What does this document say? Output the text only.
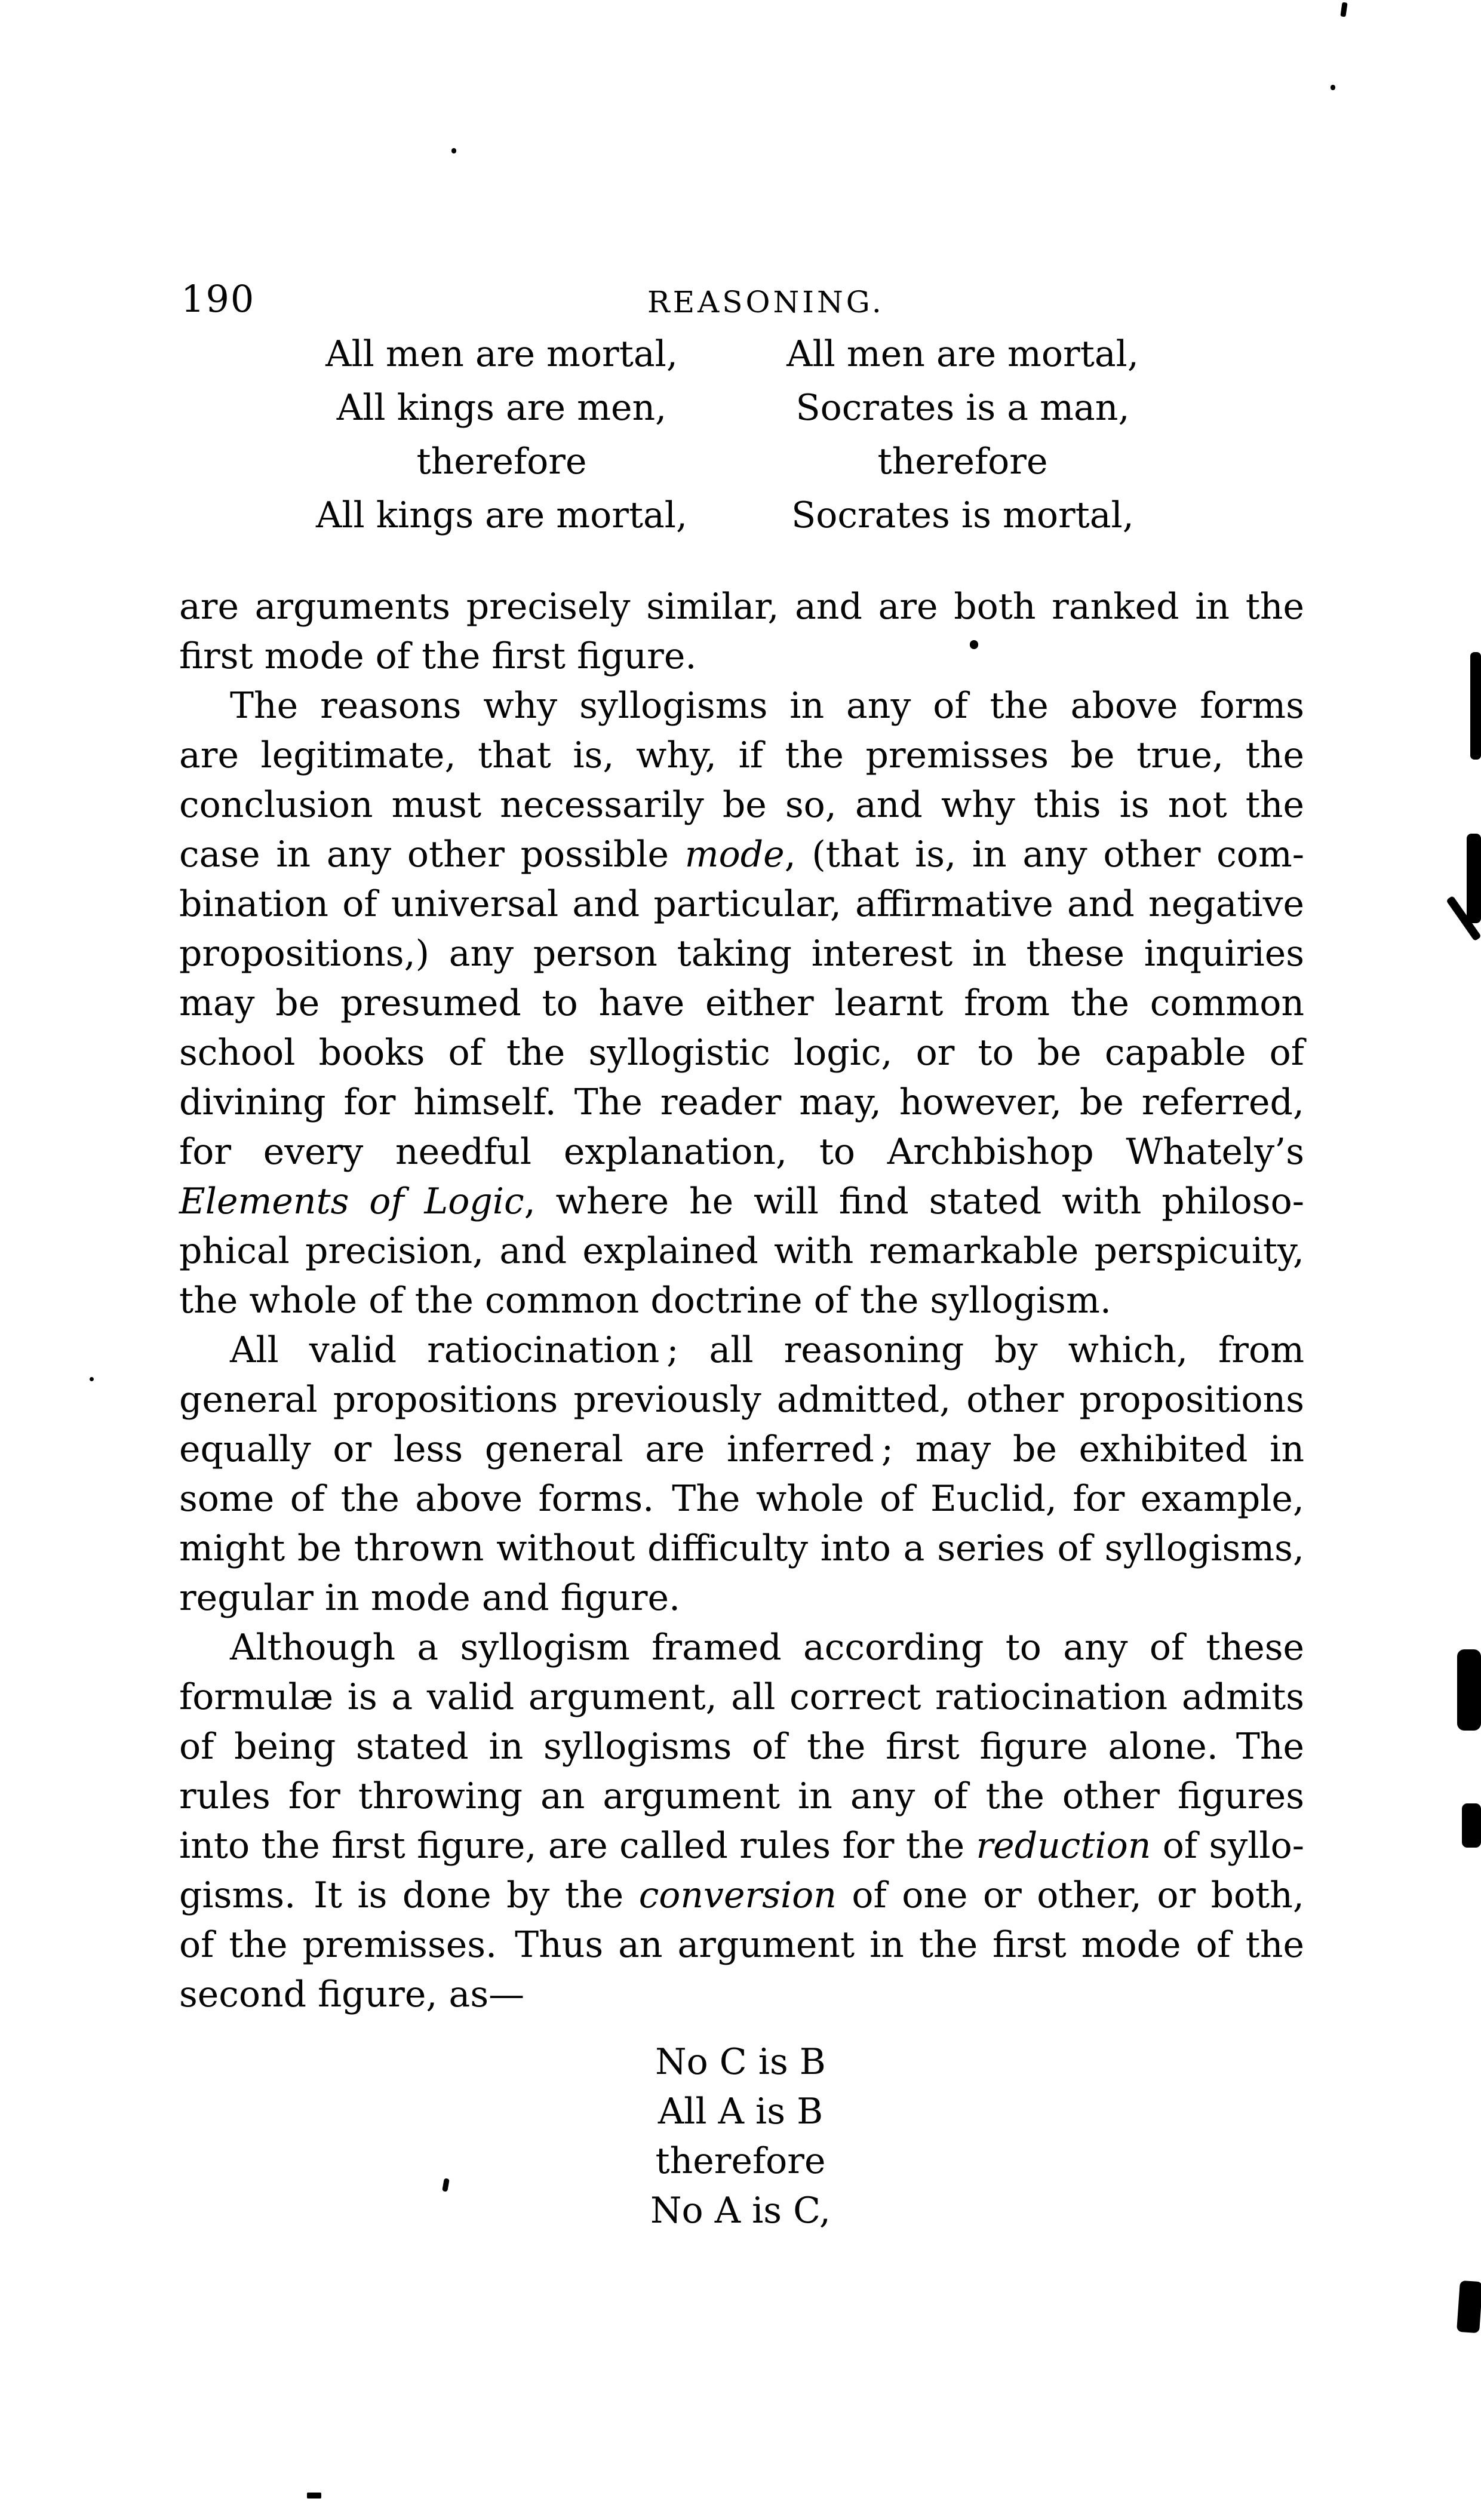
190	REASONING.
All men are mortal,
All kings are men,
therefore
All kings are mortal,
All men are mortal,
Socrates is a man,
therefore
Socrates is mortal,
are arguments precisely similar, and are both ranked in the
first mode of the first figure.
The reasons why syllogisms in any of the above forms
are legitimate, that is, why, if the premisses be true, the
conclusion must necessarily be so, and why this is not the
case in any other possible mode, (that is, in any other com-
bination of universal and particular, affirmative and negative
propositions,) any person taking interest in these inquiries
may be presumed to have either learnt from the common
school books of the syllogistic logic, or to be capable of
divining for himself. The reader may, however, be referred,
for every needful explanation, to Archbishop Whately’s
Elements of Logic, where he will find stated with philoso-
phical precision, and explained with remarkable perspicuity,
the whole of the common doctrine of the syllogism.
All valid ratiocination ; all reasoning by which, from
general propositions previously admitted, other propositions
equally or less general are inferred ; may be exhibited in
some of the above forms. The whole of Euclid, for example,
might be thrown without difficulty into a series of syllogisms,
regular in mode and figure.
Although a syllogism framed according to any of these
formulæ is a valid argument, all correct ratiocination admits
of being stated in syllogisms of the first figure alone. The
rules for throwing an argument in any of the other figures
into the first figure, are called rules for the reduction of syllo-
gisms. It is done by the conversion of one or other, or both,
of the premisses. Thus an argument in the first mode of the
second figure, as—
No C is B
All A is B
therefore
No A is C,
